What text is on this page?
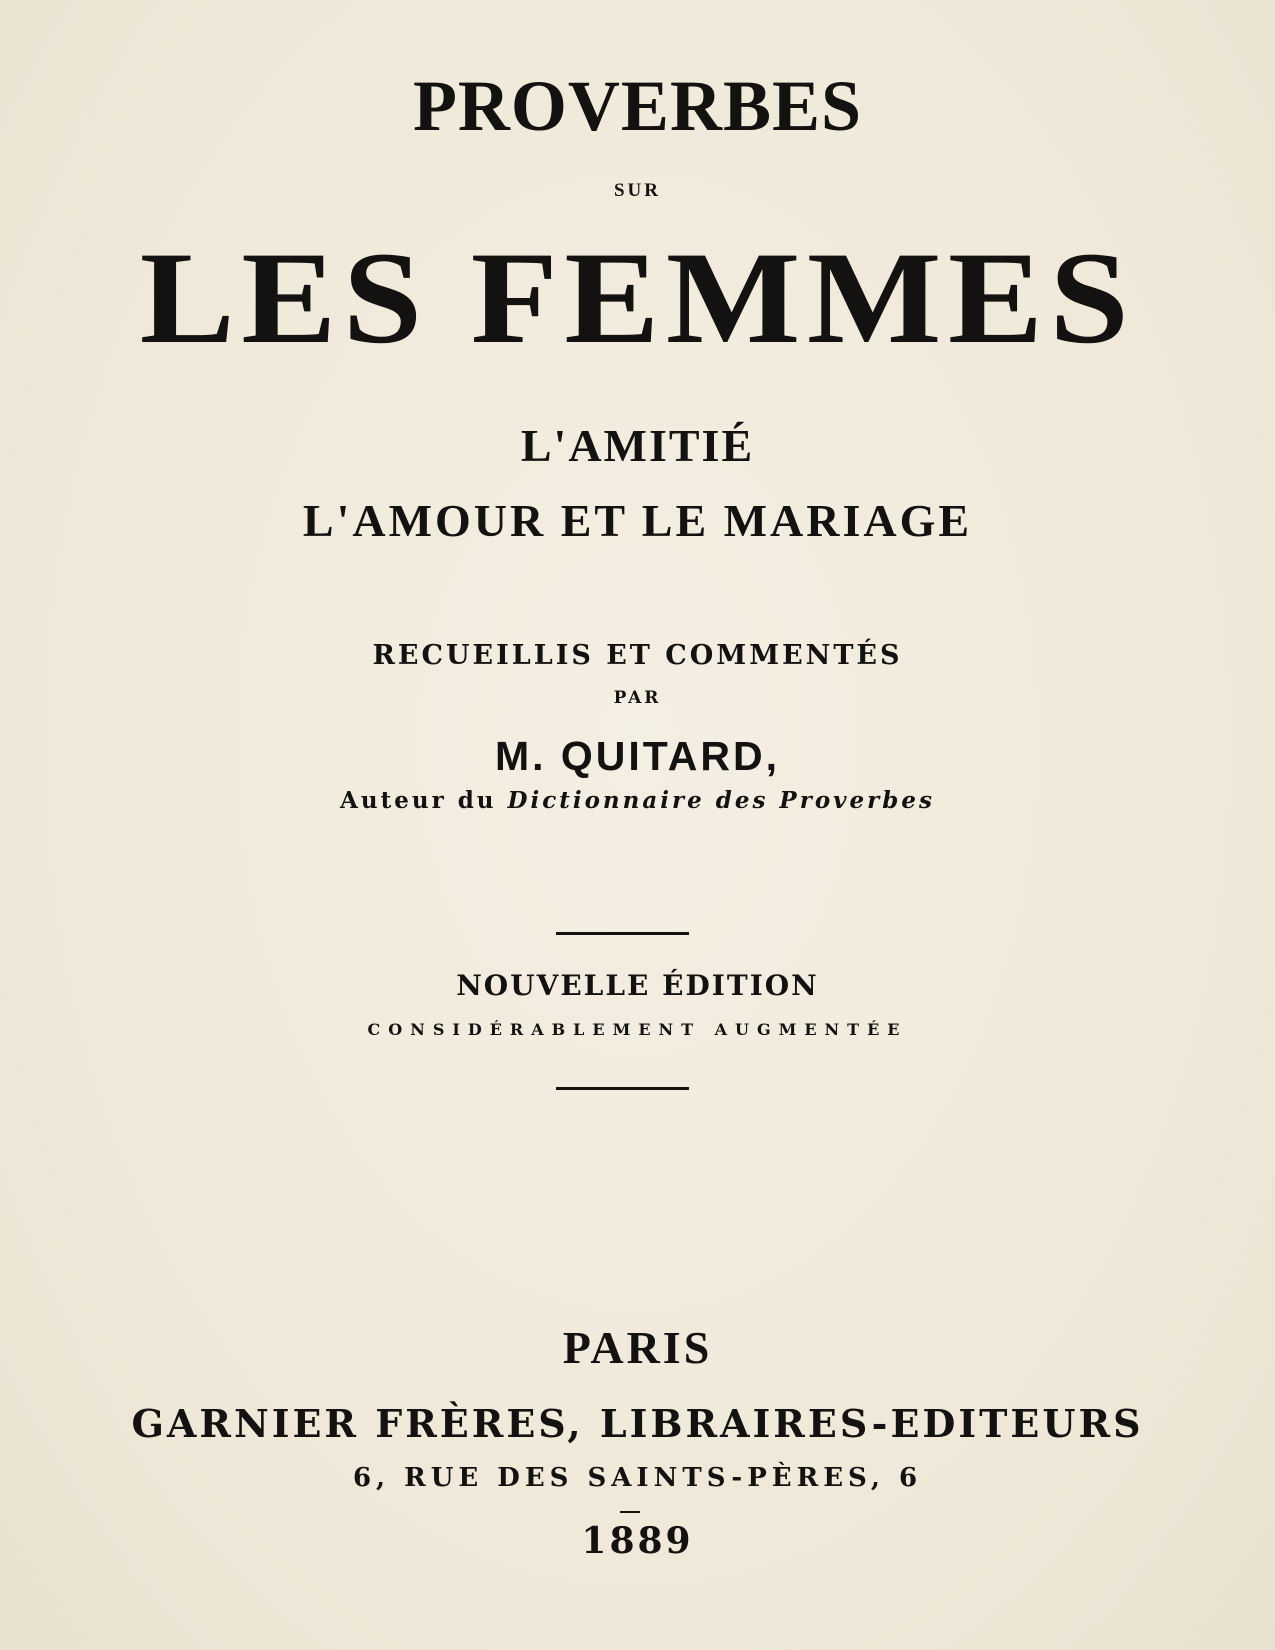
PROVERBES
SUR
LES FEMMES
L'AMITIÉ
L'AMOUR ET LE MARIAGE
RECUEILLIS ET COMMENTÉS
PAR
M. QUITARD,
Auteur du Dictionnaire des Proverbes
NOUVELLE ÉDITION
CONSIDÉRABLEMENT AUGMENTÉE
PARIS
GARNIER FRÈRES, LIBRAIRES-EDITEURS
6, RUE DES SAINTS-PÈRES, 6
1889
